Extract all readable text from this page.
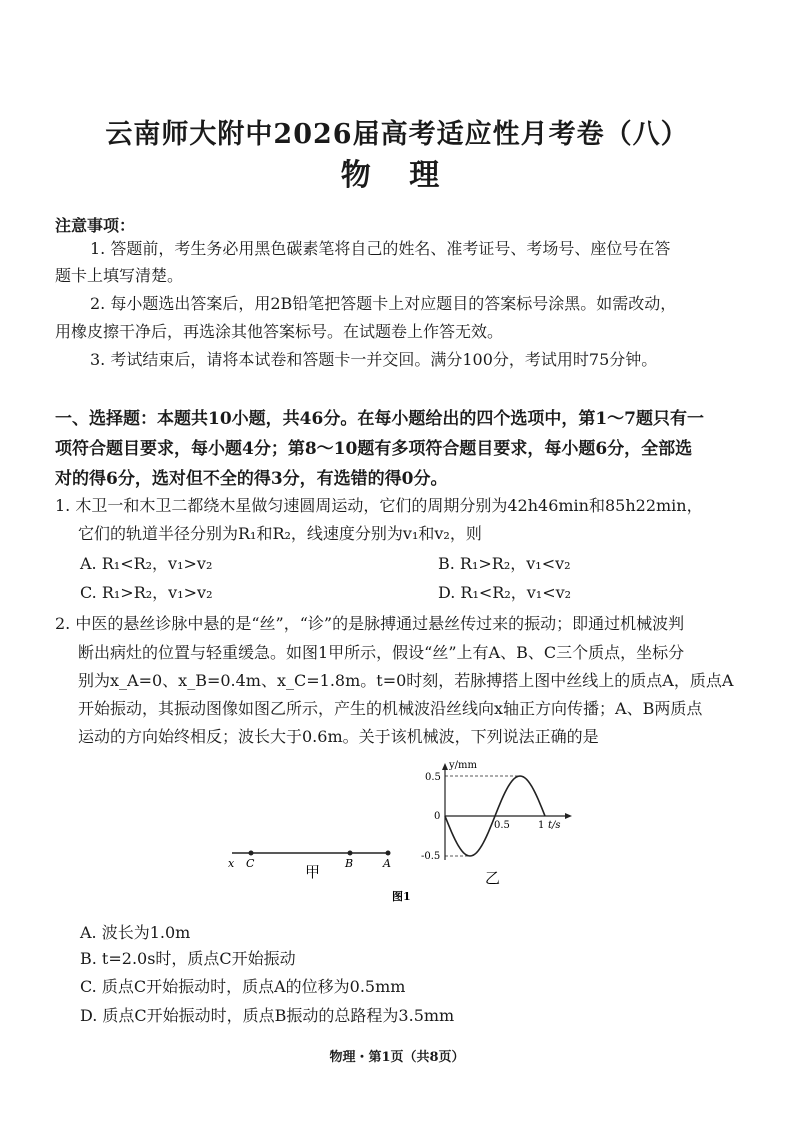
云南师大附中2026届高考适应性月考卷（八）
物 理
注意事项：
1. 答题前，考生务必用黑色碳素笔将自己的姓名、准考证号、考场号、座位号在答
题卡上填写清楚。
2. 每小题选出答案后，用2B铅笔把答题卡上对应题目的答案标号涂黑。如需改动，
用橡皮擦干净后，再选涂其他答案标号。在试题卷上作答无效。
3. 考试结束后，请将本试卷和答题卡一并交回。满分100分，考试用时75分钟。
一、选择题：本题共10小题，共46分。在每小题给出的四个选项中，第1～7题只有一
项符合题目要求，每小题4分；第8～10题有多项符合题目要求，每小题6分，全部选
对的得6分，选对但不全的得3分，有选错的得0分。
1. 木卫一和木卫二都绕木星做匀速圆周运动，它们的周期分别为42h46min和85h22min，
它们的轨道半径分别为R₁和R₂，线速度分别为v₁和v₂，则
A. R₁<R₂，v₁>v₂	B. R₁>R₂，v₁<v₂
C. R₁>R₂，v₁>v₂	D. R₁<R₂，v₁<v₂
2. 中医的悬丝诊脉中悬的是“丝”，“诊”的是脉搏通过悬丝传过来的振动；即通过机械波判
断出病灶的位置与轻重缓急。如图1甲所示，假设“丝”上有A、B、C三个质点，坐标分
别为x_A=0、x_B=0.4m、x_C=1.8m。t=0时刻，若脉搏搭上图中丝线上的质点A，质点A
开始振动，其振动图像如图乙所示，产生的机械波沿丝线向x轴正方向传播；A、B两质点
运动的方向始终相反；波长大于0.6m。关于该机械波，下列说法正确的是
x C	B	A
甲
y/mm
t/s
0.5
0
-0.5
0.5	1
乙
图1
A. 波长为1.0m
B. t=2.0s时，质点C开始振动
C. 质点C开始振动时，质点A的位移为0.5mm
D. 质点C开始振动时，质点B振动的总路程为3.5mm
物理・第1页（共8页）
